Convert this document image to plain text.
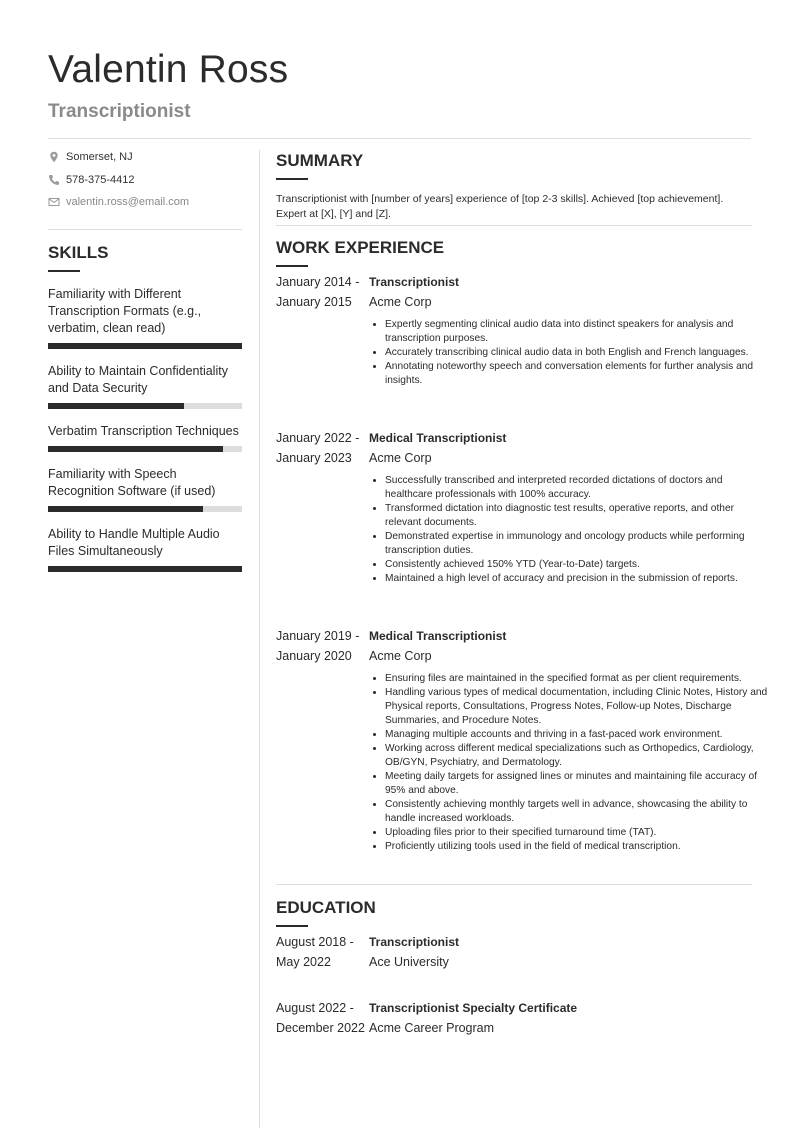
Valentin Ross
Transcriptionist
Somerset, NJ
578-375-4412
valentin.ross@email.com
SKILLS
Familiarity with Different Transcription Formats (e.g., verbatim, clean read)
Ability to Maintain Confidentiality and Data Security
Verbatim Transcription Techniques
Familiarity with Speech Recognition Software (if used)
Ability to Handle Multiple Audio Files Simultaneously
SUMMARY
Transcriptionist with [number of years] experience of [top 2-3 skills]. Achieved [top achievement]. Expert at [X], [Y] and [Z].
WORK EXPERIENCE
January 2014 -
January 2015
Transcriptionist
Acme Corp
• Expertly segmenting clinical audio data into distinct speakers for analysis and transcription purposes.
• Accurately transcribing clinical audio data in both English and French languages.
• Annotating noteworthy speech and conversation elements for further analysis and insights.
January 2022 -
January 2023
Medical Transcriptionist
Acme Corp
• Successfully transcribed and interpreted recorded dictations of doctors and healthcare professionals with 100% accuracy.
• Transformed dictation into diagnostic test results, operative reports, and other relevant documents.
• Demonstrated expertise in immunology and oncology products while performing transcription duties.
• Consistently achieved 150% YTD (Year-to-Date) targets.
• Maintained a high level of accuracy and precision in the submission of reports.
January 2019 -
January 2020
Medical Transcriptionist
Acme Corp
• Ensuring files are maintained in the specified format as per client requirements.
• Handling various types of medical documentation, including Clinic Notes, History and Physical reports, Consultations, Progress Notes, Follow-up Notes, Discharge Summaries, and Procedure Notes.
• Managing multiple accounts and thriving in a fast-paced work environment.
• Working across different medical specializations such as Orthopedics, Cardiology, OB/GYN, Psychiatry, and Dermatology.
• Meeting daily targets for assigned lines or minutes and maintaining file accuracy of 95% and above.
• Consistently achieving monthly targets well in advance, showcasing the ability to handle increased workloads.
• Uploading files prior to their specified turnaround time (TAT).
• Proficiently utilizing tools used in the field of medical transcription.
EDUCATION
August 2018 -
May 2022
Transcriptionist
Ace University
August 2022 -
December 2022
Transcriptionist Specialty Certificate
Acme Career Program
